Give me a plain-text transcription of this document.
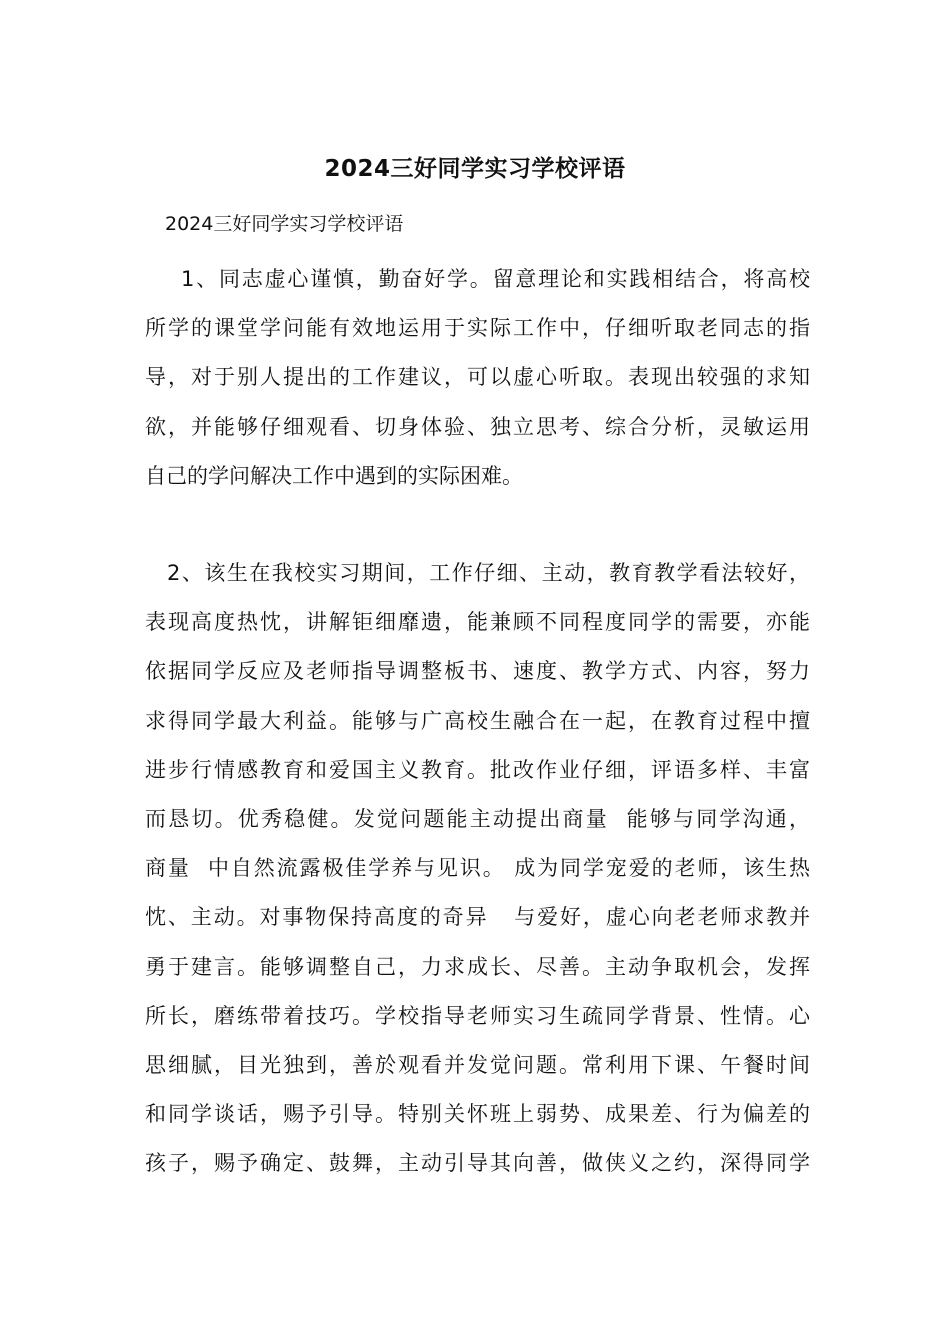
2024三好同学实习学校评语
2024三好同学实习学校评语
1、同志虚心谨慎，勤奋好学。留意理论和实践相结合，将高校
所学的课堂学问能有效地运用于实际工作中，仔细听取老同志的指
导，对于别人提出的工作建议，可以虚心听取。表现出较强的求知
欲，并能够仔细观看、切身体验、独立思考、综合分析，灵敏运用
自己的学问解决工作中遇到的实际困难。
2、该生在我校实习期间，工作仔细、主动，教育教学看法较好，
表现高度热忱，讲解钜细靡遗，能兼顾不同程度同学的需要，亦能
依据同学反应及老师指导调整板书、速度、教学方式、内容，努力
求得同学最大利益。能够与广高校生融合在一起，在教育过程中擅
进步行情感教育和爱国主义教育。批改作业仔细，评语多样、丰富
而恳切。优秀稳健。发觉问题能主动提出商量  能够与同学沟通，
商量  中自然流露极佳学养与见识。 成为同学宠爱的老师，该生热
忱、主动。对事物保持高度的奇异   与爱好，虚心向老老师求教并
勇于建言。能够调整自己，力求成长、尽善。主动争取机会，发挥
所长，磨练带着技巧。学校指导老师实习生疏同学背景、性情。心
思细腻，目光独到，善於观看并发觉问题。常利用下课、午餐时间
和同学谈话，赐予引导。特别关怀班上弱势、成果差、行为偏差的
孩子，赐予确定、鼓舞，主动引导其向善，做侠义之约，深得同学
